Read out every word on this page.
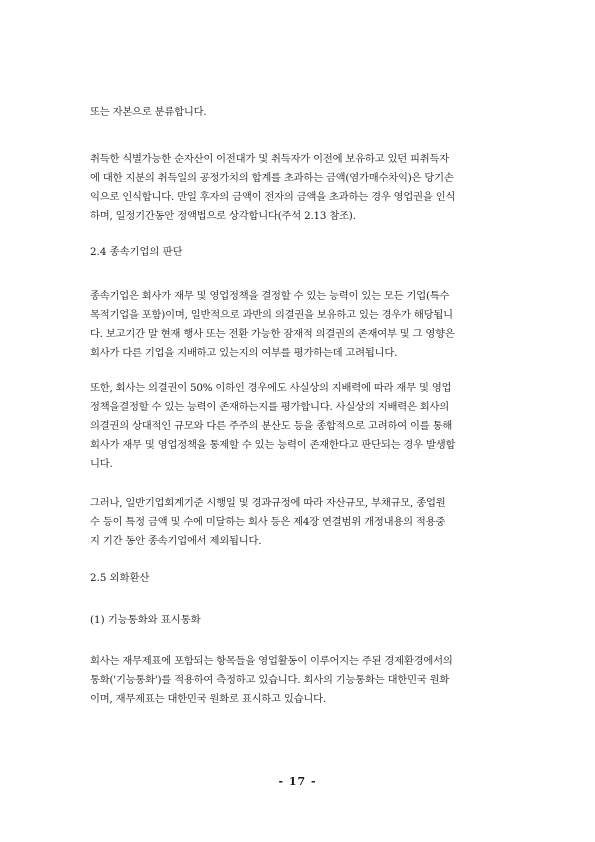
또는 자본으로 분류합니다.
취득한 식별가능한 순자산이 이전대가 및 취득자가 이전에 보유하고 있던 피취득자
에 대한 지분의 취득일의 공정가치의 합계를 초과하는 금액(염가매수차익)은 당기손
익으로 인식합니다. 만일 후자의 금액이 전자의 금액을 초과하는 경우 영업권을 인식
하며, 일정기간동안 정액법으로 상각합니다(주석 2.13 참조).
2.4 종속기업의 판단
종속기업은 회사가 재무 및 영업정책을 결정할 수 있는 능력이 있는 모든 기업(특수
목적기업을 포함)이며, 일반적으로 과반의 의결권을 보유하고 있는 경우가 해당됩니
다. 보고기간 말 현재 행사 또는 전환 가능한 잠재적 의결권의 존재여부 및 그 영향은
회사가 다른 기업을 지배하고 있는지의 여부를 평가하는데 고려됩니다.
또한, 회사는 의결권이 50% 이하인 경우에도 사실상의 지배력에 따라 재무 및 영업
정책을결정할 수 있는 능력이 존재하는지를 평가합니다. 사실상의 지배력은 회사의
의결권의 상대적인 규모와 다른 주주의 분산도 등을 종합적으로 고려하여 이를 통해
회사가 재무 및 영업정책을 통제할 수 있는 능력이 존재한다고 판단되는 경우 발생합
니다.
그러나, 일반기업회계기준 시행일 및 경과규정에 따라 자산규모, 부채규모, 종업원
수 등이 특정 금액 및 수에 미달하는 회사 등은 제4장 연결범위 개정내용의 적용중
지 기간 동안 종속기업에서 제외됩니다.
2.5 외화환산
(1) 기능통화와 표시통화
회사는 재무제표에 포함되는 항목들을 영업활동이 이루어지는 주된 경제환경에서의
통화('기능통화')를 적용하여 측정하고 있습니다. 회사의 기능통화는 대한민국 원화
이며, 재무제표는 대한민국 원화로 표시하고 있습니다.
- 17 -
